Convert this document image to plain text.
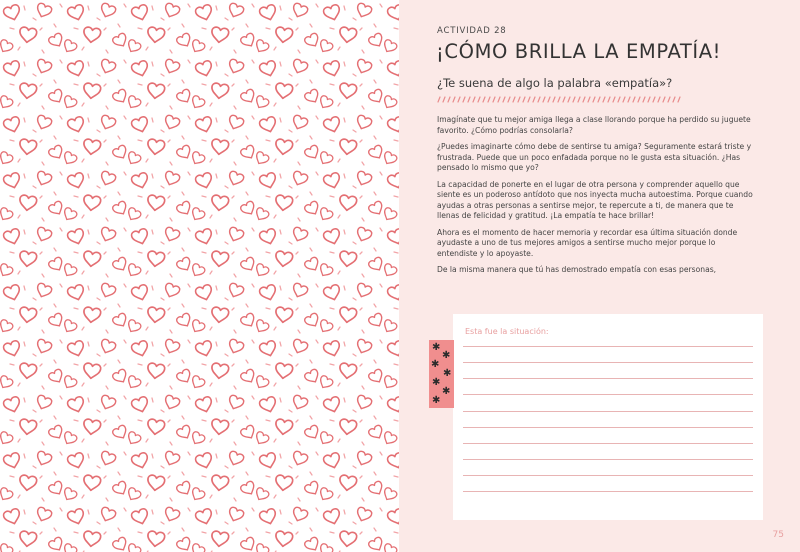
ACTIVIDAD 28
¡CÓMO BRILLA LA EMPATÍA!
¿Te suena de algo la palabra «empatía»?

Imagínate que tu mejor amiga llega a clase llorando porque ha perdido su juguete favorito. ¿Cómo podrías consolarla?

¿Puedes imaginarte cómo debe de sentirse tu amiga? Seguramente estará triste y frustrada. Puede que un poco enfadada porque no le gusta esta situación. ¿Has pensado lo mismo que yo?

La capacidad de ponerte en el lugar de otra persona y comprender aquello que siente es un poderoso antídoto que nos inyecta mucha autoestima. Porque cuando ayudas a otras personas a sentirse mejor, te repercute a ti, de manera que te llenas de felicidad y gratitud. ¡La empatía te hace brillar!

Ahora es el momento de hacer memoria y recordar esa última situación donde ayudaste a uno de tus mejores amigos a sentirse mucho mejor porque lo entendiste y lo apoyaste.

De la misma manera que tú has demostrado empatía con esas personas,

Esta fue la situación:
✱
✱
✱
✱
✱
✱
✱
75
